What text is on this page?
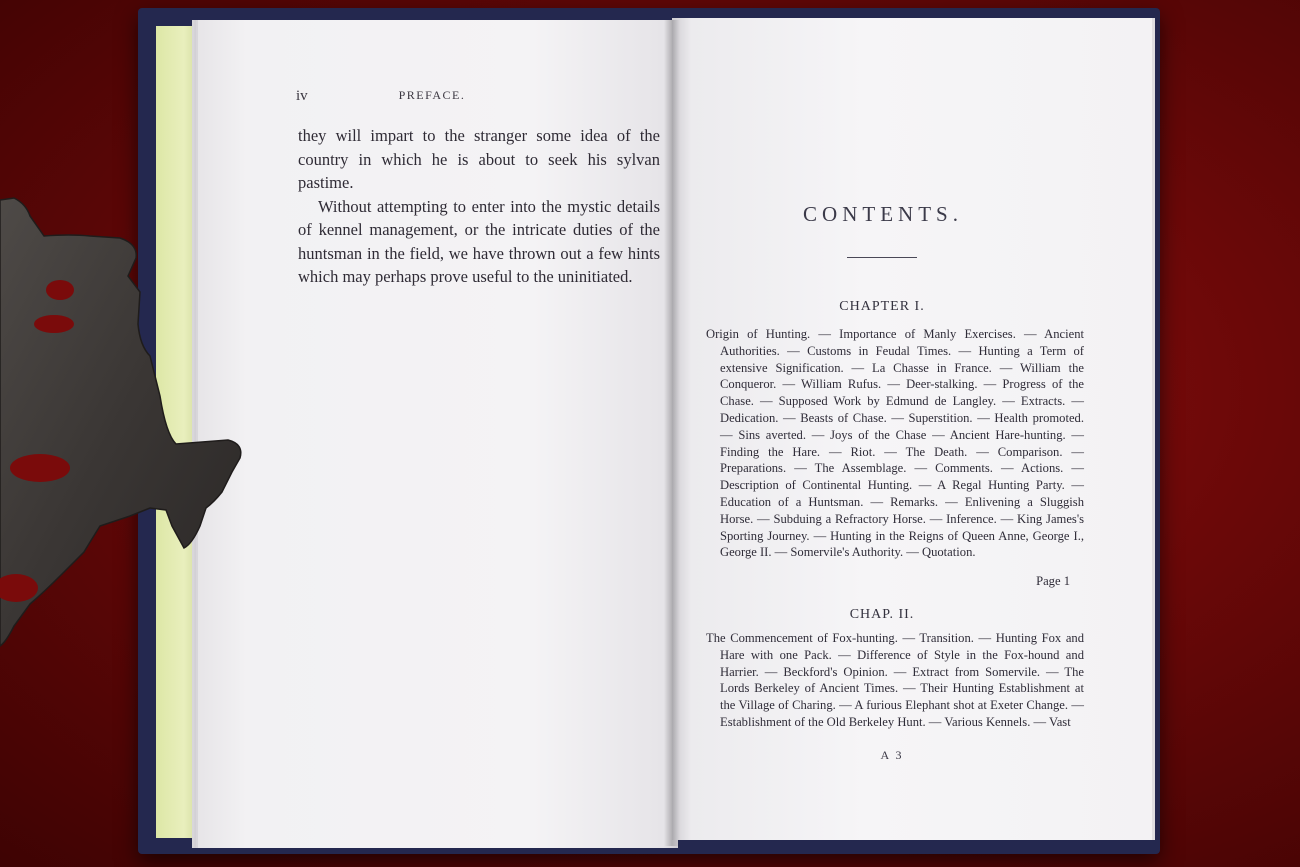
iv	PREFACE.

they will impart to the stranger some idea of the country in which he is about to seek his sylvan pastime.

Without attempting to enter into the mystic details of kennel management, or the intricate duties of the huntsman in the field, we have thrown out a few hints which may perhaps prove useful to the uninitiated.

CONTENTS.
CHAPTER I.
Origin of Hunting. — Importance of Manly Exercises. — Ancient Authorities. — Customs in Feudal Times. — Hunting a Term of extensive Signification. — La Chasse in France. — William the Conqueror. — William Rufus. — Deer-stalking. — Progress of the Chase. — Supposed Work by Edmund de Langley. — Extracts. — Dedication. — Beasts of Chase. — Superstition. — Health promoted. — Sins averted. — Joys of the Chase — Ancient Hare-hunting. — Finding the Hare. — Riot. — The Death. — Comparison. — Preparations. — The Assemblage. — Comments. — Actions. — Description of Continental Hunting. — A Regal Hunting Party. — Education of a Huntsman. — Remarks. — Enlivening a Sluggish Horse. — Subduing a Refractory Horse. — Inference. — King James's Sporting Journey. — Hunting in the Reigns of Queen Anne, George I., George II. — Somervile's Authority. — Quotation.
Page 1
CHAP. II.
The Commencement of Fox-hunting. — Transition. — Hunting Fox and Hare with one Pack. — Difference of Style in the Fox-hound and Harrier. — Beckford's Opinion. — Extract from Somervile. — The Lords Berkeley of Ancient Times. — Their Hunting Establishment at the Village of Charing. — A furious Elephant shot at Exeter Change. — Establishment of the Old Berkeley Hunt. — Various Kennels. — Vast
A 3
